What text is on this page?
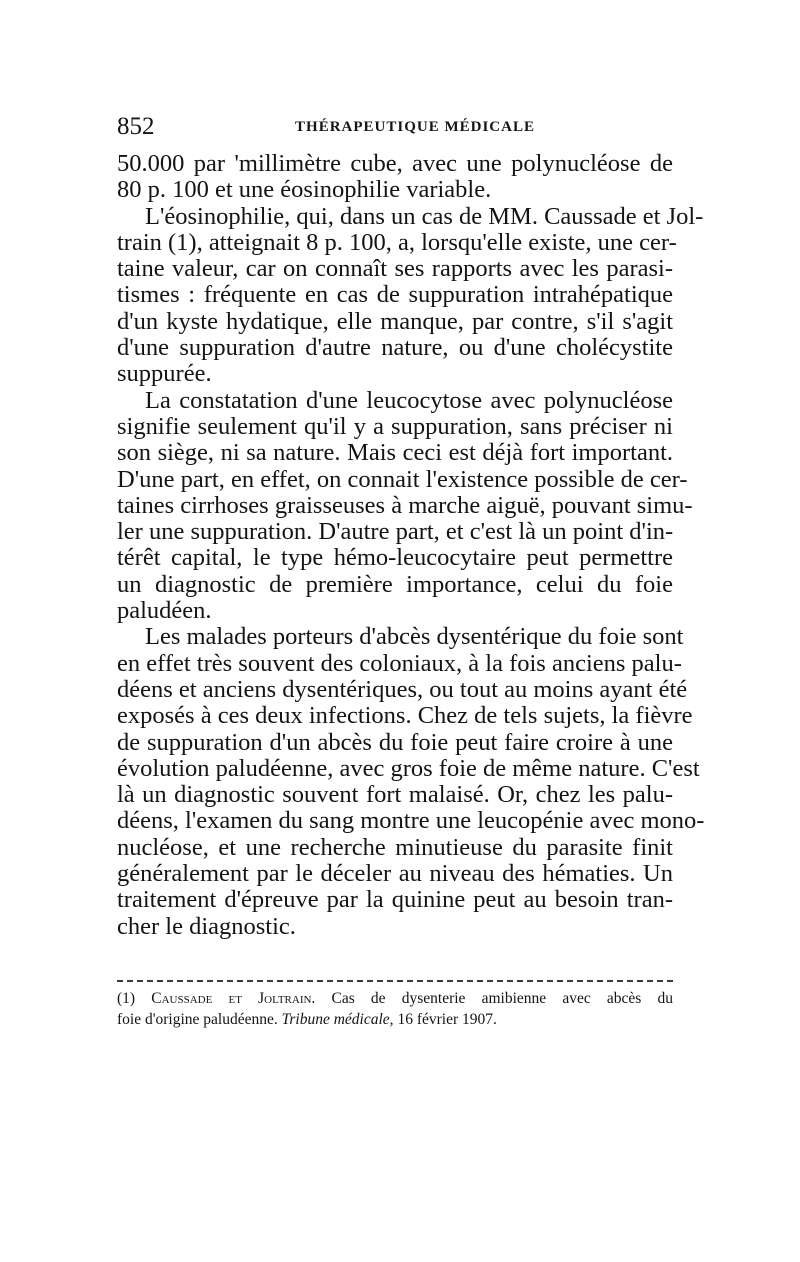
852	THÉRAPEUTIQUE MÉDICALE
50.000 par 'millimètre cube, avec une polynucléose de
80 p. 100 et une éosinophilie variable.
L'éosinophilie, qui, dans un cas de MM. Caussade et Jol-
train (1), atteignait 8 p. 100, a, lorsqu'elle existe, une cer-
taine valeur, car on connaît ses rapports avec les parasi-
tismes : fréquente en cas de suppuration intrahépatique
d'un kyste hydatique, elle manque, par contre, s'il s'agit
d'une suppuration d'autre nature, ou d'une cholécystite
suppurée.
La constatation d'une leucocytose avec polynucléose
signifie seulement qu'il y a suppuration, sans préciser ni
son siège, ni sa nature. Mais ceci est déjà fort important.
D'une part, en effet, on connait l'existence possible de cer-
taines cirrhoses graisseuses à marche aiguë, pouvant simu-
ler une suppuration. D'autre part, et c'est là un point d'in-
térêt capital, le type hémo-leucocytaire peut permettre
un diagnostic de première importance, celui du foie
paludéen.
Les malades porteurs d'abcès dysentérique du foie sont
en effet très souvent des coloniaux, à la fois anciens palu-
déens et anciens dysentériques, ou tout au moins ayant été
exposés à ces deux infections. Chez de tels sujets, la fièvre
de suppuration d'un abcès du foie peut faire croire à une
évolution paludéenne, avec gros foie de même nature. C'est
là un diagnostic souvent fort malaisé. Or, chez les palu-
déens, l'examen du sang montre une leucopénie avec mono-
nucléose, et une recherche minutieuse du parasite finit
généralement par le déceler au niveau des hématies. Un
traitement d'épreuve par la quinine peut au besoin tran-
cher le diagnostic.
(1) Caussade et Joltrain. Cas de dysenterie amibienne avec abcès du
foie d'origine paludéenne. Tribune médicale, 16 février 1907.
